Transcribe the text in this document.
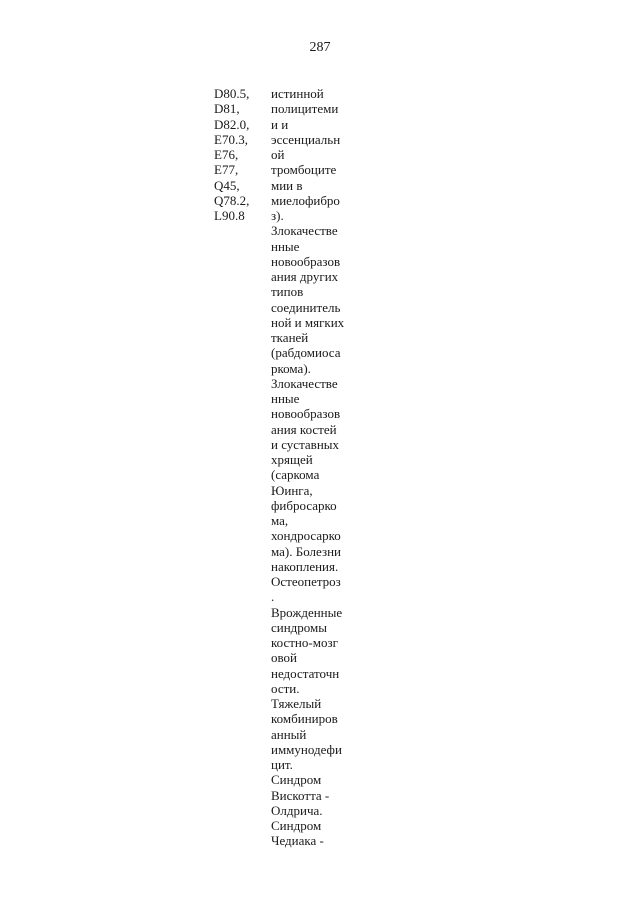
287
D80.5,
D81,
D82.0,
E70.3,
E76,
E77,
Q45,
Q78.2,
L90.8
истинной
полицитеми
и и
эссенциальн
ой
тромбоците
мии в
миелофибро
з).
Злокачестве
нные
новообразов
ания других
типов
соединитель
ной и мягких
тканей
(рабдомиоса
ркома).
Злокачестве
нные
новообразов
ания костей
и суставных
хрящей
(саркома
Юинга,
фибросарко
ма,
хондросарко
ма). Болезни
накопления.
Остеопетроз
.
Врожденные
синдромы
костно-мозг
овой
недостаточн
ости.
Тяжелый
комбиниров
анный
иммунодефи
цит.
Синдром
Вискотта -
Олдрича.
Синдром
Чедиака -
